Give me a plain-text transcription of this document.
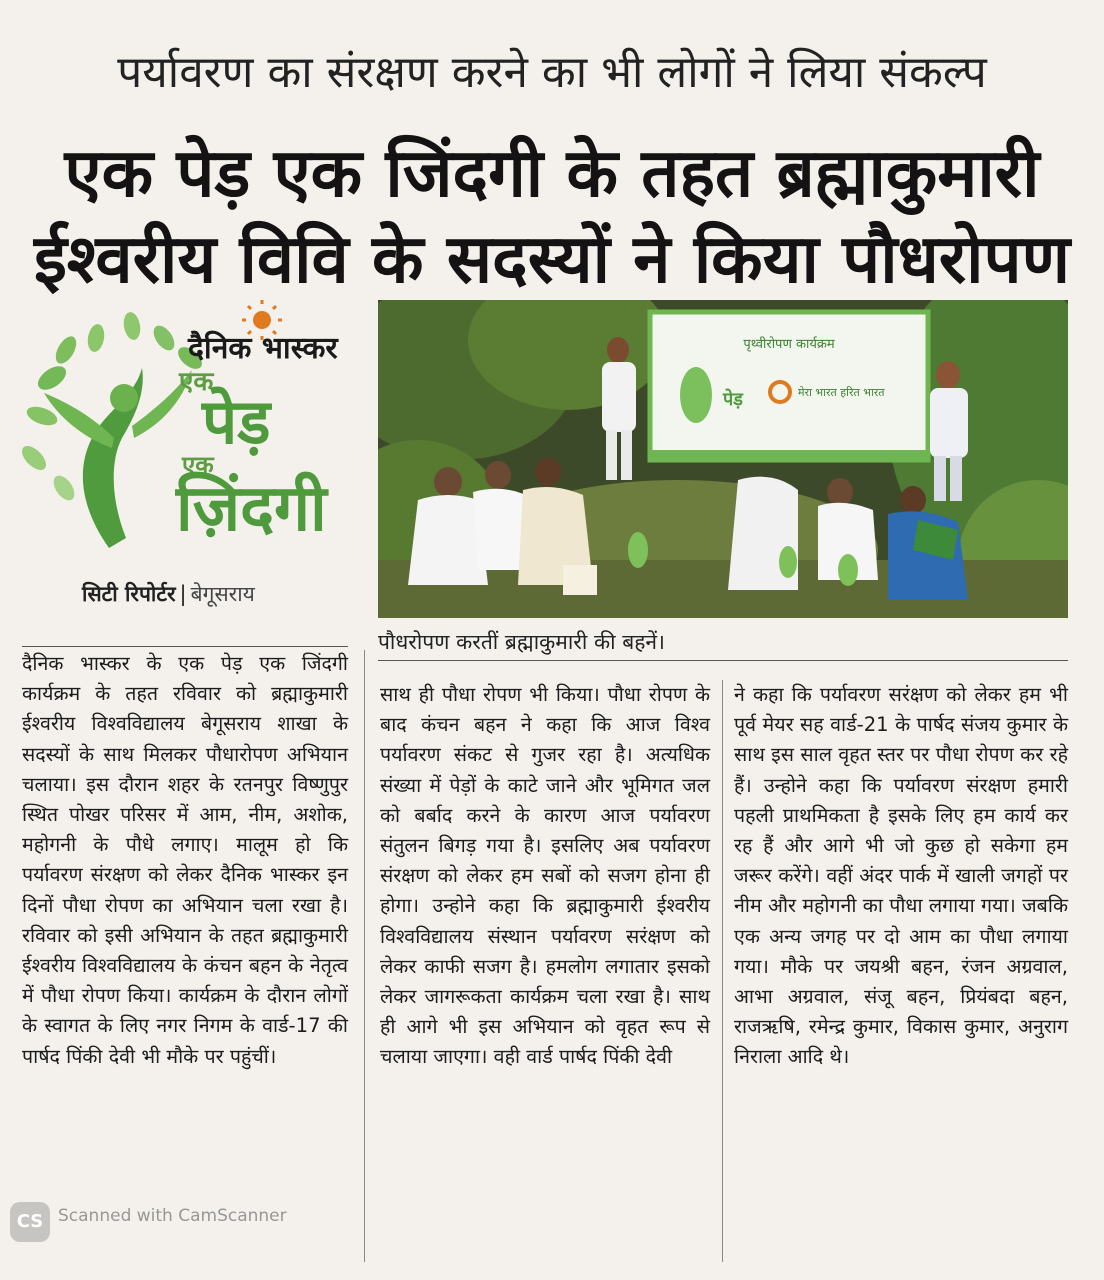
पर्यावरण का संरक्षण करने का भी लोगों ने लिया संकल्प
एक पेड़ एक जिंदगी के तहत ब्रह्माकुमारी
ईश्वरीय विवि के सदस्यों ने किया पौधरोपण
दैनिक भास्कर
एक
पेड़
एक
ज़िंदगी
सिटी रिपोर्टर | बेगूसराय
पृथ्वीरोपण कार्यक्रम
पेड़	मेरा भारत हरित भारत
पौधरोपण करतीं ब्रह्माकुमारी की बहनें।

दैनिक भास्कर के एक पेड़ एक जिंदगी कार्यक्रम के तहत रविवार को ब्रह्माकुमारी ईश्वरीय विश्वविद्यालय बेगूसराय शाखा के सदस्यों के साथ मिलकर पौधारोपण अभियान चलाया। इस दौरान शहर के रतनपुर विष्णुपुर स्थित पोखर परिसर में आम, नीम, अशोक, महोगनी के पौधे लगाए। मालूम हो कि पर्यावरण संरक्षण को लेकर दैनिक भास्कर इन दिनों पौधा रोपण का अभियान चला रखा है। रविवार को इसी अभियान के तहत ब्रह्माकुमारी ईश्वरीय विश्वविद्यालय के कंचन बहन के नेतृत्व में पौधा रोपण किया। कार्यक्रम के दौरान लोगों के स्वागत के लिए नगर निगम के वार्ड-17 की पार्षद पिंकी देवी भी मौके पर पहुंचीं।

साथ ही पौधा रोपण भी किया। पौधा रोपण के बाद कंचन बहन ने कहा कि आज विश्व पर्यावरण संकट से गुजर रहा है। अत्यधिक संख्या में पेड़ों के काटे जाने और भूमिगत जल को बर्बाद करने के कारण आज पर्यावरण संतुलन बिगड़ गया है। इसलिए अब पर्यावरण संरक्षण को लेकर हम सबों को सजग होना ही होगा। उन्होने कहा कि ब्रह्माकुमारी ईश्वरीय विश्वविद्यालय संस्थान पर्यावरण सरंक्षण को लेकर काफी सजग है। हमलोग लगातार इसको लेकर जागरूकता कार्यक्रम चला रखा है। साथ ही आगे भी इस अभियान को वृहत रूप से चलाया जाएगा। वही वार्ड पार्षद पिंकी देवी

ने कहा कि पर्यावरण सरंक्षण को लेकर हम भी पूर्व मेयर सह वार्ड-21 के पार्षद संजय कुमार के साथ इस साल वृहत स्तर पर पौधा रोपण कर रहे हैं। उन्होने कहा कि पर्यावरण संरक्षण हमारी पहली प्राथमिकता है इसके लिए हम कार्य कर रह हैं और आगे भी जो कुछ हो सकेगा हम जरूर करेंगे। वहीं अंदर पार्क में खाली जगहों पर नीम और महोगनी का पौधा लगाया गया। जबकि एक अन्य जगह पर दो आम का पौधा लगाया गया। मौके पर जयश्री बहन, रंजन अग्रवाल, आभा अग्रवाल, संजू बहन, प्रियंबदा बहन, राजऋषि, रमेन्द्र कुमार, विकास कुमार, अनुराग निराला आदि थे।

CS Scanned with CamScanner
